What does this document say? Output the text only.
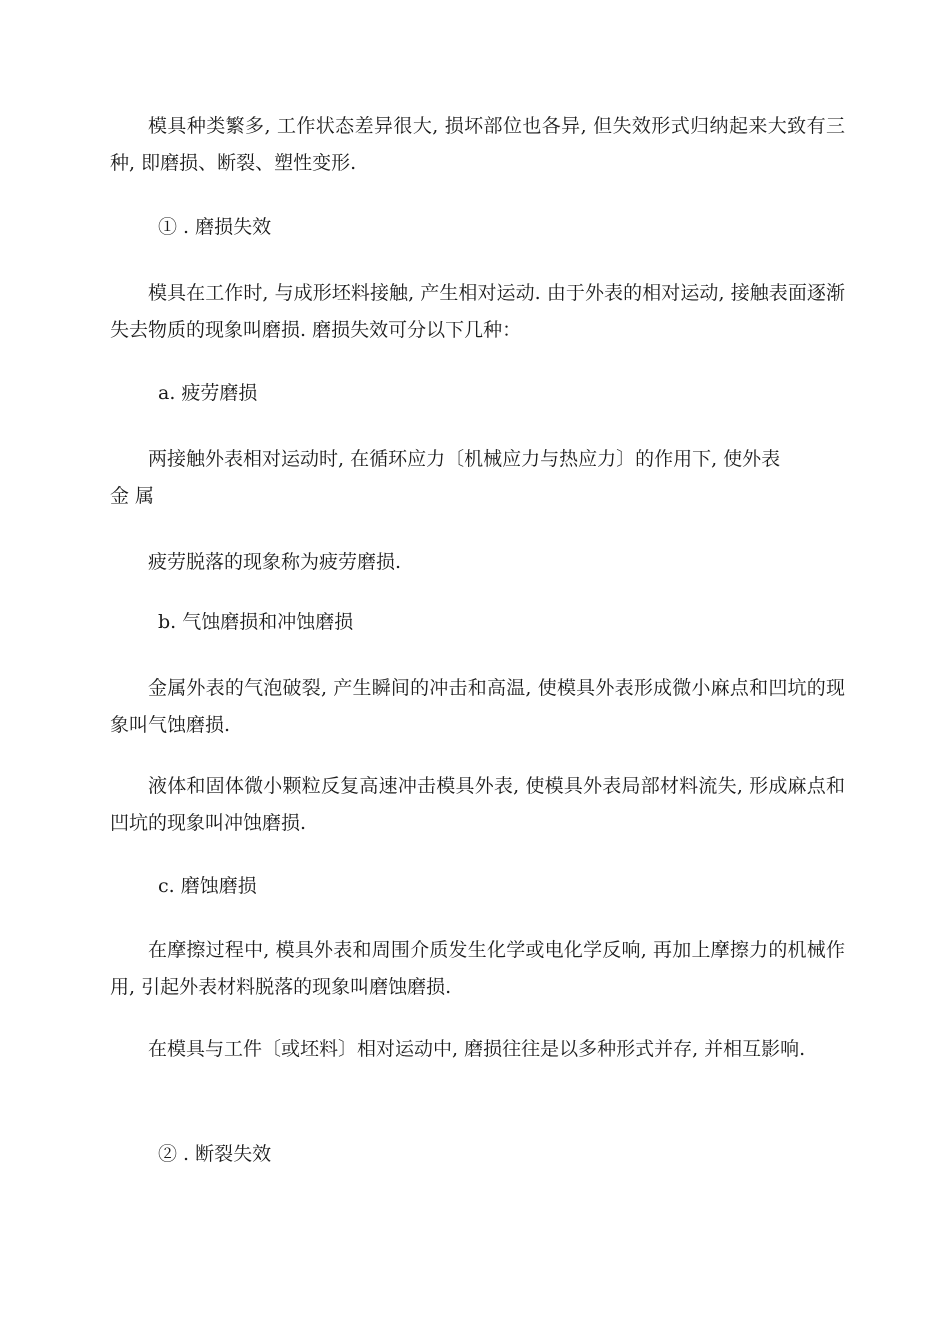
模具种类繁多, 工作状态差异很大, 损坏部位也各异, 但失效形式归纳起来大致有三种, 即磨损、断裂、塑性变形.

① . 磨损失效

模具在工作时, 与成形坯料接触, 产生相对运动. 由于外表的相对运动, 接触表面逐渐失去物质的现象叫磨损. 磨损失效可分以下几种：

a. 疲劳磨损

两接触外表相对运动时, 在循环应力〔机械应力与热应力〕的作用下, 使外表

金 属

疲劳脱落的现象称为疲劳磨损.

b. 气蚀磨损和冲蚀磨损

金属外表的气泡破裂, 产生瞬间的冲击和高温, 使模具外表形成微小麻点和凹坑的现象叫气蚀磨损.

液体和固体微小颗粒反复高速冲击模具外表, 使模具外表局部材料流失, 形成麻点和凹坑的现象叫冲蚀磨损.

c. 磨蚀磨损

在摩擦过程中, 模具外表和周围介质发生化学或电化学反响, 再加上摩擦力的机械作用, 引起外表材料脱落的现象叫磨蚀磨损.

在模具与工件〔或坯料〕相对运动中, 磨损往往是以多种形式并存, 并相互影响.

② . 断裂失效
